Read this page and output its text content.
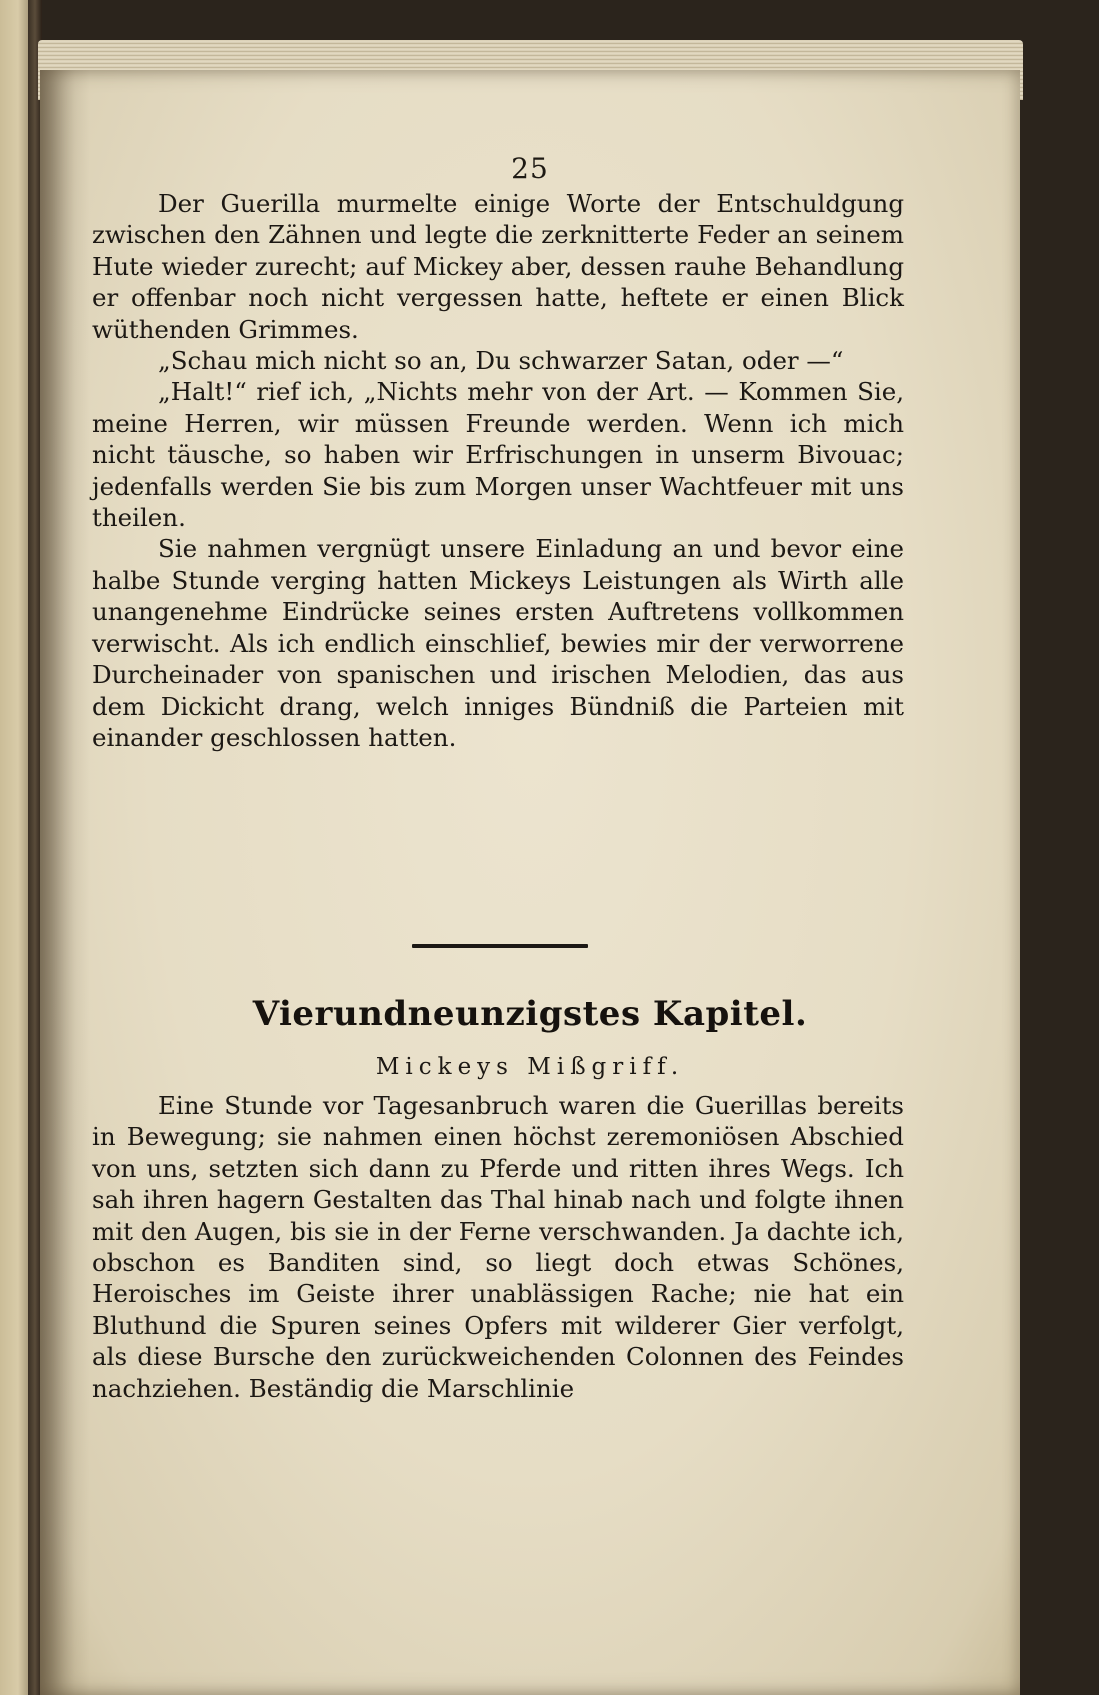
25

Der Guerilla murmelte einige Worte der Entschuldgung zwischen den Zähnen und legte die zerknitterte Feder an seinem Hute wieder zurecht; auf Mickey aber, dessen rauhe Behandlung er offenbar noch nicht vergessen hatte, heftete er einen Blick wüthenden Grimmes.

„Schau mich nicht so an, Du schwarzer Satan, oder —“

„Halt!“ rief ich, „Nichts mehr von der Art. — Kommen Sie, meine Herren, wir müssen Freunde werden. Wenn ich mich nicht täusche, so haben wir Erfrischungen in unserm Bivouac; jedenfalls werden Sie bis zum Morgen unser Wachtfeuer mit uns theilen.

Sie nahmen vergnügt unsere Einladung an und bevor eine halbe Stunde verging hatten Mickeys Leistungen als Wirth alle unangenehme Eindrücke seines ersten Auftretens vollkommen verwischt. Als ich endlich einschlief, bewies mir der verworrene Durcheinader von spanischen und irischen Melodien, das aus dem Dickicht drang, welch inniges Bündniß die Parteien mit einander geschlossen hatten.

Vierundneunzigstes Kapitel.
Mickeys Mißgriff.

Eine Stunde vor Tagesanbruch waren die Guerillas bereits in Bewegung; sie nahmen einen höchst zeremoniösen Abschied von uns, setzten sich dann zu Pferde und ritten ihres Wegs. Ich sah ihren hagern Gestalten das Thal hinab nach und folgte ihnen mit den Augen, bis sie in der Ferne verschwanden. Ja dachte ich, obschon es Banditen sind, so liegt doch etwas Schönes, Heroisches im Geiste ihrer unablässigen Rache; nie hat ein Bluthund die Spuren seines Opfers mit wilderer Gier verfolgt, als diese Bursche den zurückweichenden Colonnen des Feindes nachziehen. Beständig die Marschlinie
